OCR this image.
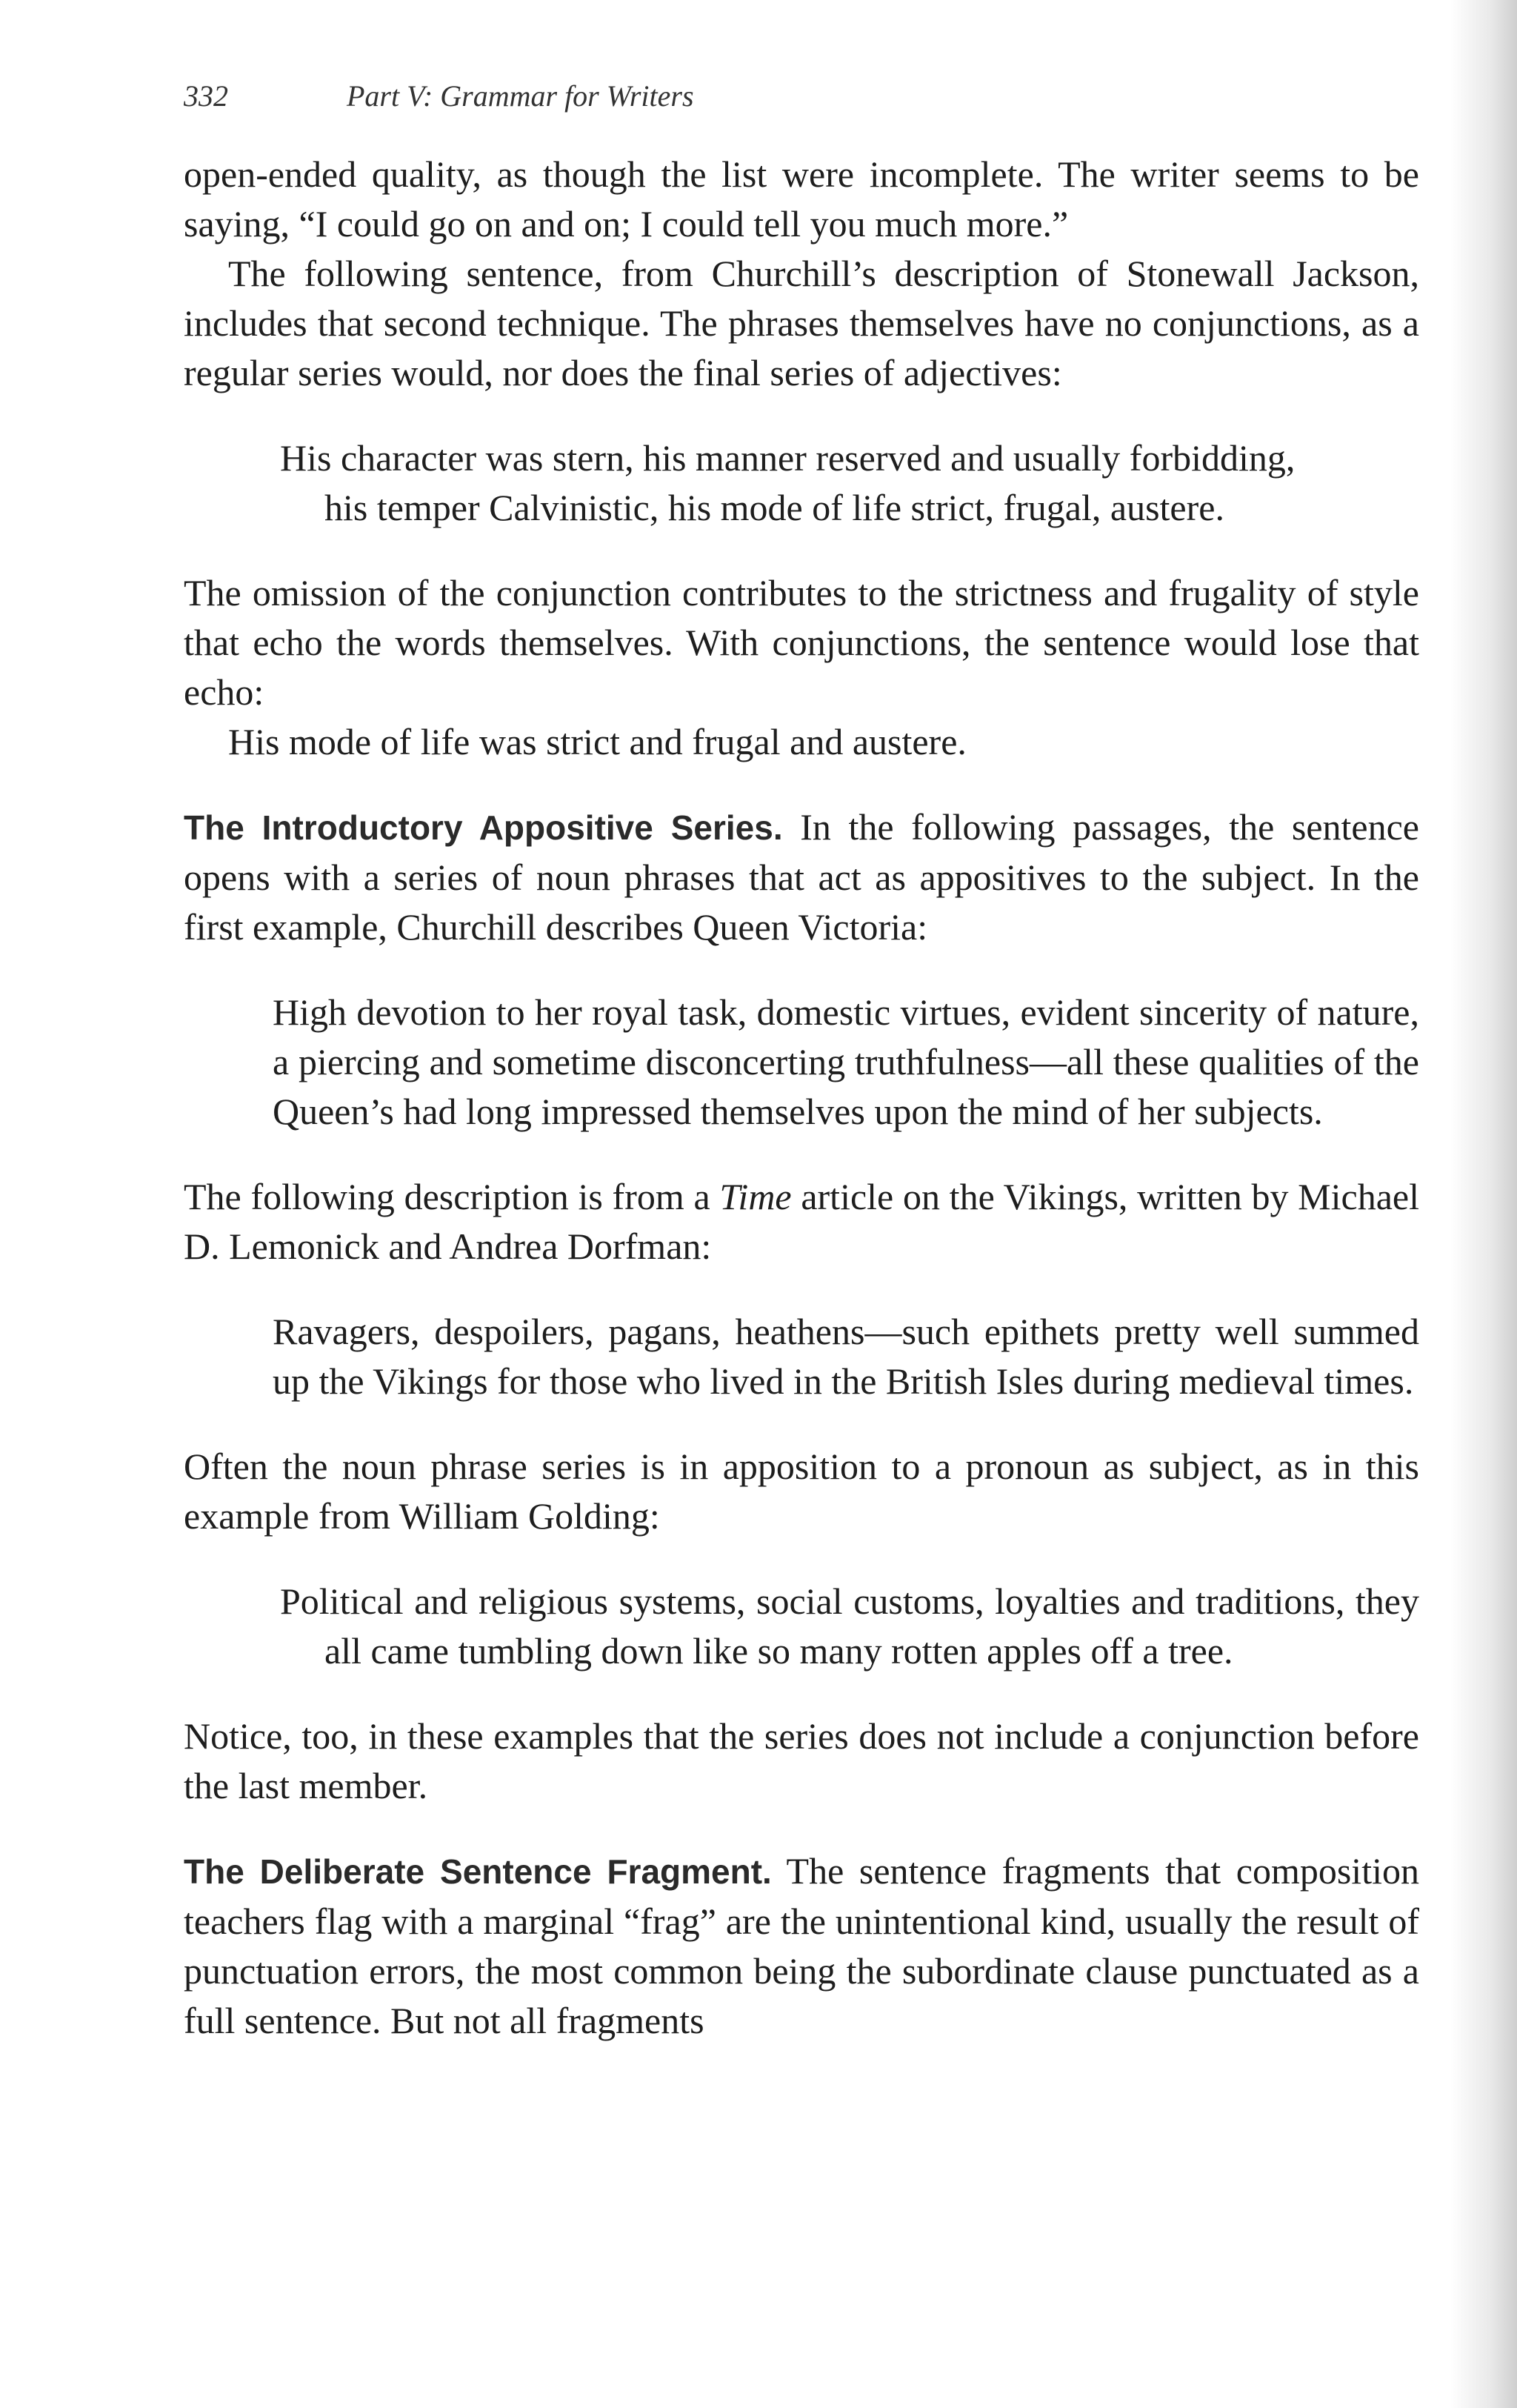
332	Part V: Grammar for Writers

open-ended quality, as though the list were incomplete. The writer seems to be saying, “I could go on and on; I could tell you much more.”

The following sentence, from Churchill’s description of Stonewall Jackson, includes that second technique. The phrases themselves have no conjunctions, as a regular series would, nor does the final series of adjectives:

His character was stern, his manner reserved and usually forbidding,
his temper Calvinistic, his mode of life strict, frugal, austere.

The omission of the conjunction contributes to the strictness and frugality of style that echo the words themselves. With conjunctions, the sentence would lose that echo:

His mode of life was strict and frugal and austere.

The Introductory Appositive Series. In the following passages, the sentence opens with a series of noun phrases that act as appositives to the subject. In the first example, Churchill describes Queen Victoria:

High devotion to her royal task, domestic virtues, evident sincerity of nature, a piercing and sometime disconcerting truthfulness—all these qualities of the Queen’s had long impressed themselves upon the mind of her subjects.

The following description is from a Time article on the Vikings, written by Michael D. Lemonick and Andrea Dorfman:

Ravagers, despoilers, pagans, heathens—such epithets pretty well summed up the Vikings for those who lived in the British Isles during medieval times.

Often the noun phrase series is in apposition to a pronoun as subject, as in this example from William Golding:

Political and religious systems, social customs, loyalties and traditions, they all came tumbling down like so many rotten apples off a tree.

Notice, too, in these examples that the series does not include a conjunction before the last member.

The Deliberate Sentence Fragment. The sentence fragments that composition teachers flag with a marginal “frag” are the unintentional kind, usually the result of punctuation errors, the most common being the subordinate clause punctuated as a full sentence. But not all fragments
